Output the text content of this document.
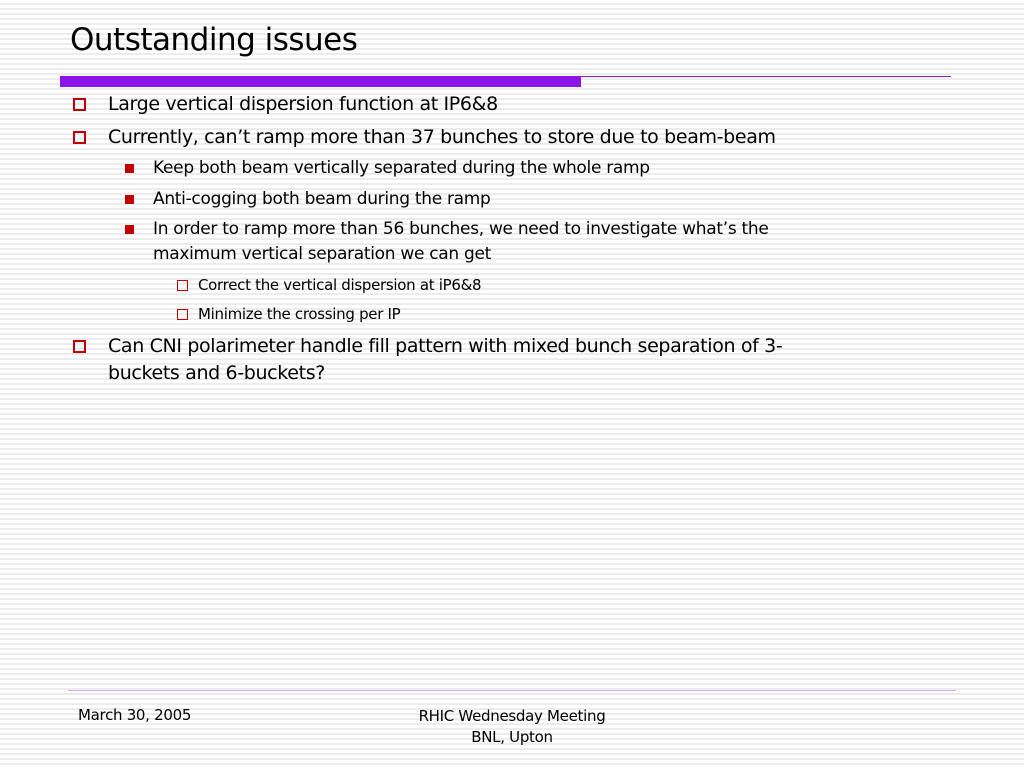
Outstanding issues
Large vertical dispersion function at IP6&8
Currently, can’t ramp more than 37 bunches to store due to beam-beam
Keep both beam vertically separated during the whole ramp
Anti-cogging both beam during the ramp
In order to ramp more than 56 bunches, we need to investigate what’s the
maximum vertical separation we can get
Correct the vertical dispersion at iP6&8
Minimize the crossing per IP
Can CNI polarimeter handle fill pattern with mixed bunch separation of 3-
buckets and 6-buckets?
March 30, 2005	RHIC Wednesday Meeting
BNL, Upton
